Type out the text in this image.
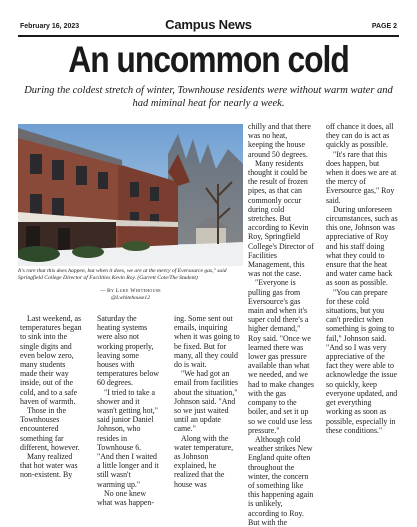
February 16, 2023	Campus News	PAGE 2
An uncommon cold
During the coldest stretch of winter, Townhouse residents were without warm water and had miminal heat for nearly a week.
It's rare that this does happen, but when it does, we are at the mercy of Eversource gas," said Springfield College Director of Facilities Kevin Roy. (Garrett Cote/The Student)
— By Luke Whitehouse
@Lwhitehouse12

Last weekend, as temperatures began to sink into the single digits and even below zero, many students made their way inside, out of the cold, and to a safe haven of warmth.

Those in the Townhouses encountered something far different, however.

Many realized that hot water was non-existent. By

Saturday the heating systems were also not working properly, leaving some houses with temperatures below 60 degrees.

"I tried to take a shower and it wasn't getting hot," said junior Daniel Johnson, who resides in Townhouse 6. "And then I waited a little longer and it still wasn't warming up."

No one knew what was happen-

ing. Some sent out emails, inquiring when it was going to be fixed. But for many, all they could do is wait.

"We had got an email from facilities about the situation," Johnson said. "And so we just waited until an update came."

Along with the water temperature, as Johnson explained, he realized that the house was

chilly and that there was no heat, keeping the house around 50 degrees.

Many residents thought it could be the result of frozen pipes, as that can commonly occur during cold stretches. But according to Kevin Roy, Springfield College's Director of Facilities Management, this was not the case.

"Everyone is pulling gas from Eversource's gas main and when it's super cold there's a higher demand," Roy said. "Once we learned there was lower gas pressure available than what we needed, and we had to make changes with the gas company to the boiler, and set it up so we could use less pressure."

Although cold weather strikes New England quite often throughout the winter, the concern of something like this happening again is unlikely, according to Roy. But with the

off chance it does, all they can do is act as quickly as possible.

"It's rare that this does happen, but when it does we are at the mercy of Eversource gas," Roy said.

During unforeseen circumstances, such as this one, Johnson was appreciative of Roy and his staff doing what they could to ensure that the heat and water came back as soon as possible.

"You can prepare for these cold situations, but you can't predict when something is going to fail," Johnson said. "And so I was very appreciative of the fact they were able to acknowledge the issue so quickly, keep everyone updated, and get everything working as soon as possible, especially in these conditions."
